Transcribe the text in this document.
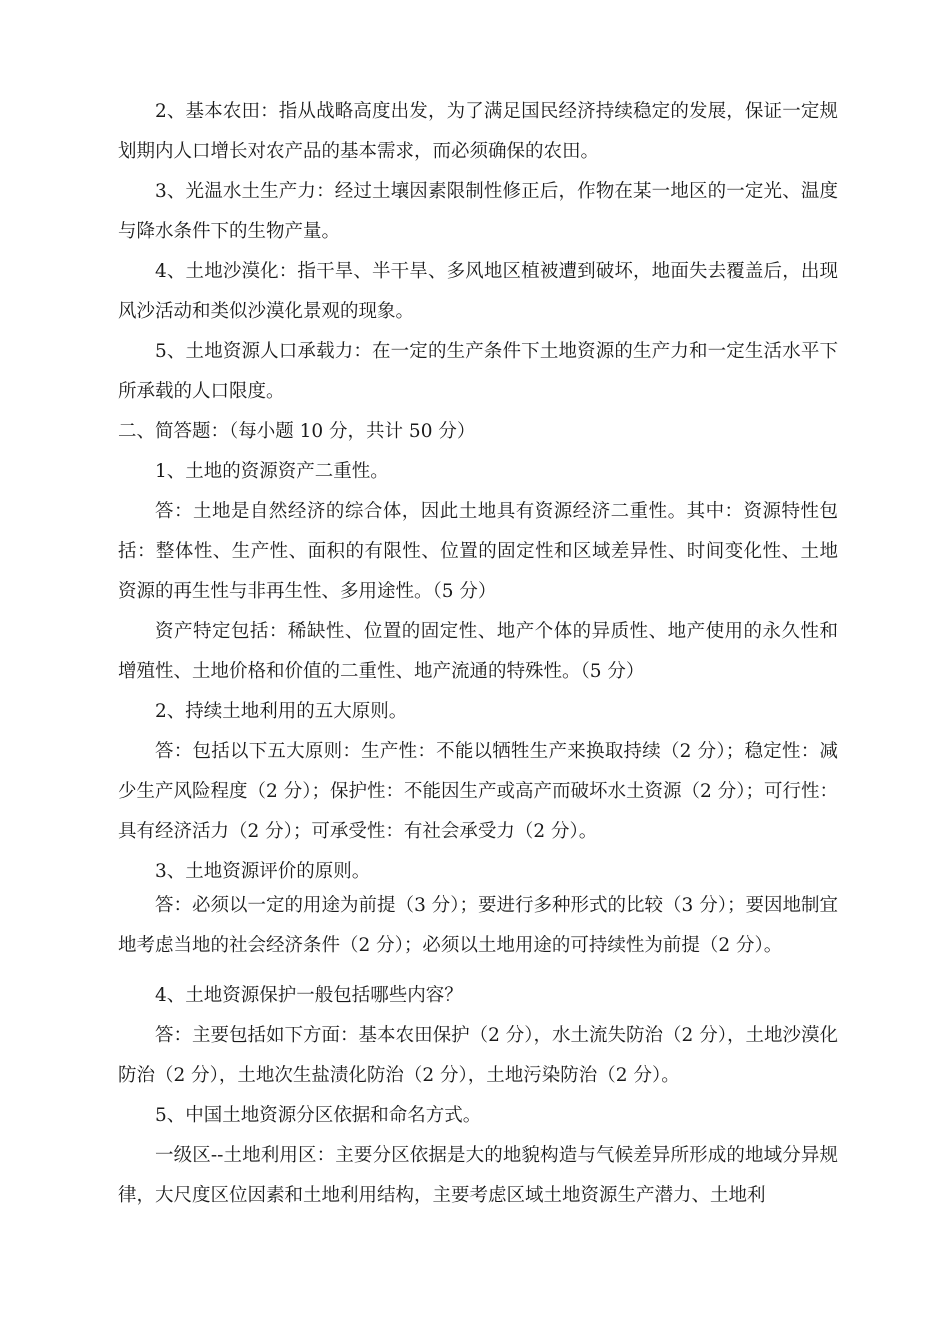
2、基本农田：指从战略高度出发，为了满足国民经济持续稳定的发展，保证一定规划期内人口增长对农产品的基本需求，而必须确保的农田。

3、光温水土生产力：经过土壤因素限制性修正后，作物在某一地区的一定光、温度与降水条件下的生物产量。

4、土地沙漠化：指干旱、半干旱、多风地区植被遭到破坏，地面失去覆盖后，出现风沙活动和类似沙漠化景观的现象。

5、土地资源人口承载力：在一定的生产条件下土地资源的生产力和一定生活水平下所承载的人口限度。

二、简答题：（每小题 10 分，共计 50 分）

1、土地的资源资产二重性。

答：土地是自然经济的综合体，因此土地具有资源经济二重性。其中：资源特性包括：整体性、生产性、面积的有限性、位置的固定性和区域差异性、时间变化性、土地资源的再生性与非再生性、多用途性。（5 分）

资产特定包括：稀缺性、位置的固定性、地产个体的异质性、地产使用的永久性和增殖性、土地价格和价值的二重性、地产流通的特殊性。（5 分）

2、持续土地利用的五大原则。

答：包括以下五大原则：生产性：不能以牺牲生产来换取持续（2 分）；稳定性：减少生产风险程度（2 分）；保护性：不能因生产或高产而破坏水土资源（2 分）；可行性：具有经济活力（2 分）；可承受性：有社会承受力（2 分）。

3、土地资源评价的原则。

答：必须以一定的用途为前提（3 分）；要进行多种形式的比较（3 分）；要因地制宜地考虑当地的社会经济条件（2 分）；必须以土地用途的可持续性为前提（2 分）。

4、土地资源保护一般包括哪些内容？

答：主要包括如下方面：基本农田保护（2 分），水土流失防治（2 分），土地沙漠化防治（2 分），土地次生盐渍化防治（2 分），土地污染防治（2 分）。

5、中国土地资源分区依据和命名方式。

一级区--土地利用区：主要分区依据是大的地貌构造与气候差异所形成的地域分异规律，大尺度区位因素和土地利用结构，主要考虑区域土地资源生产潜力、土地利
